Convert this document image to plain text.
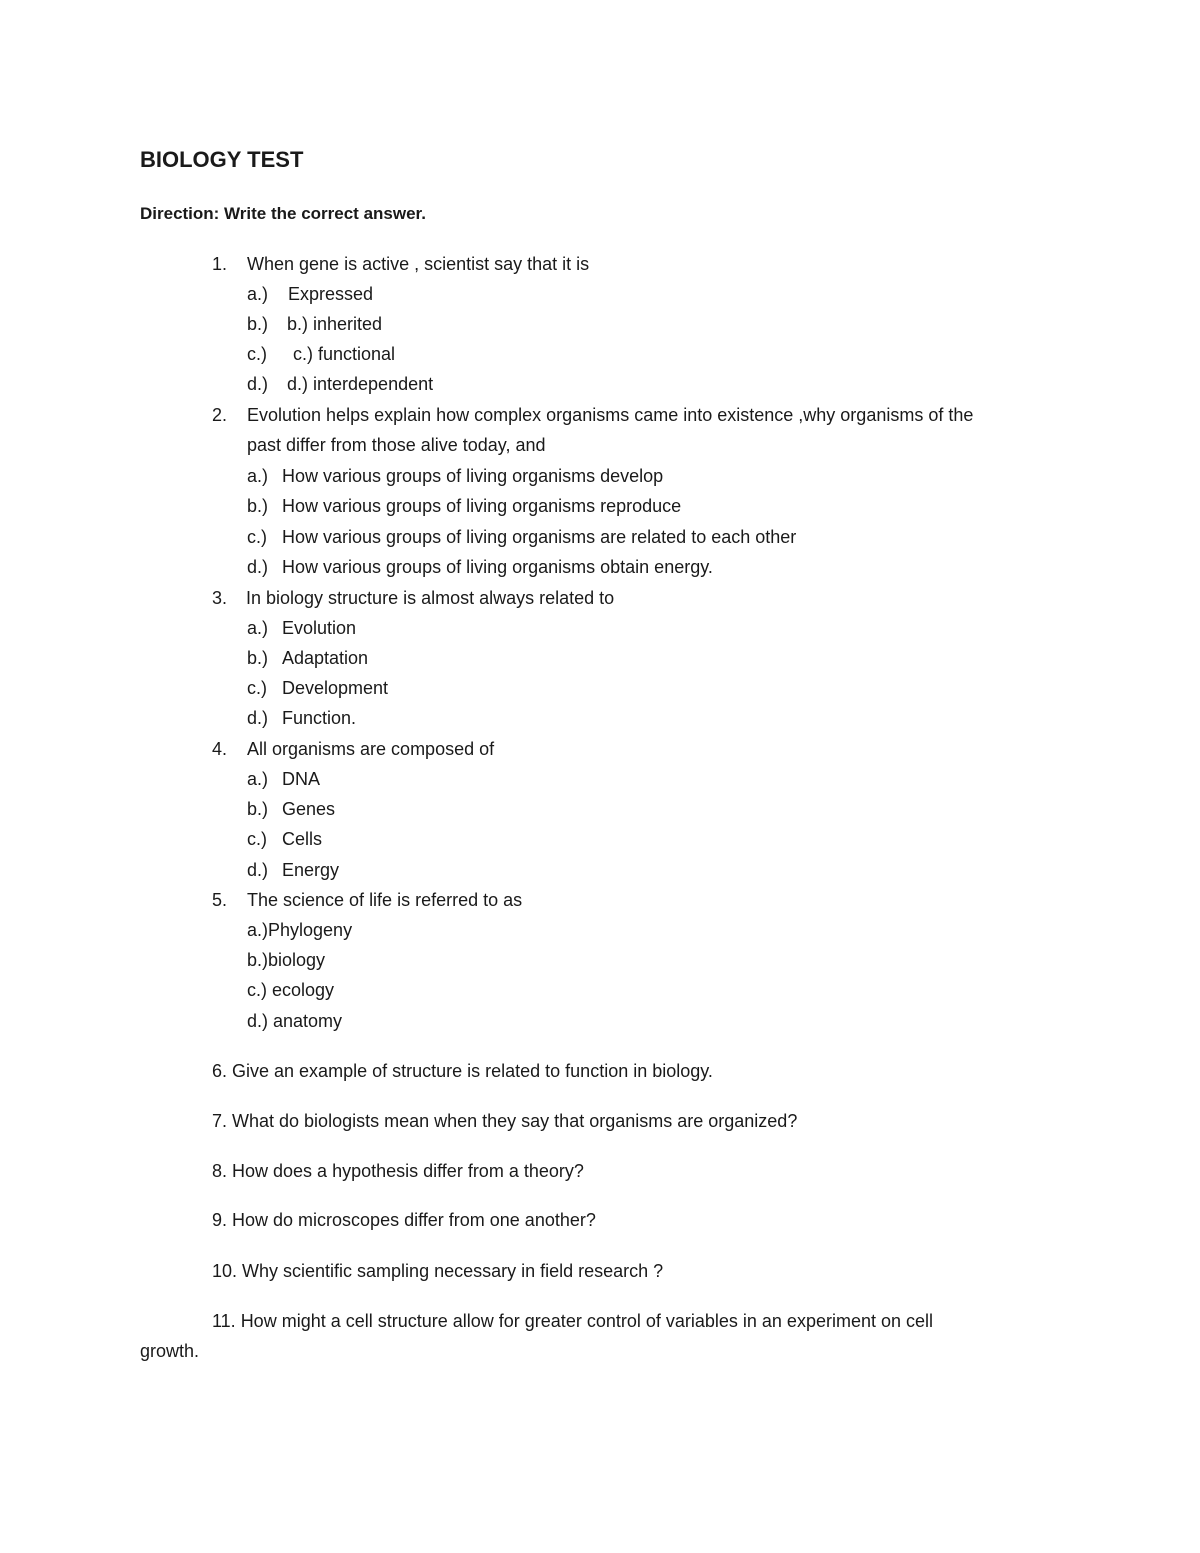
BIOLOGY TEST
Direction: Write the correct answer.
1. When gene is active , scientist say that it is
a.) Expressed
b.) b.) inherited
c.) c.) functional
d.) d.) interdependent
2. Evolution helps explain how complex organisms came into existence ,why organisms of the
past differ from those alive today, and
a.) How various groups of living organisms develop
b.) How various groups of living organisms reproduce
c.) How various groups of living organisms are related to each other
d.) How various groups of living organisms obtain energy.
3. In biology structure is almost always related to
a.) Evolution
b.) Adaptation
c.) Development
d.) Function.
4. All organisms are composed of
a.) DNA
b.) Genes
c.) Cells
d.) Energy
5. The science of life is referred to as
a.)Phylogeny
b.)biology
c.) ecology
d.) anatomy
6. Give an example of structure is related to function in biology.
7. What do biologists mean when they say that organisms are organized?
8. How does a hypothesis differ from a theory?
9. How do microscopes differ from one another?
10. Why scientific sampling necessary in field research ?
11. How might a cell structure allow for greater control of variables in an experiment on cell
growth.
